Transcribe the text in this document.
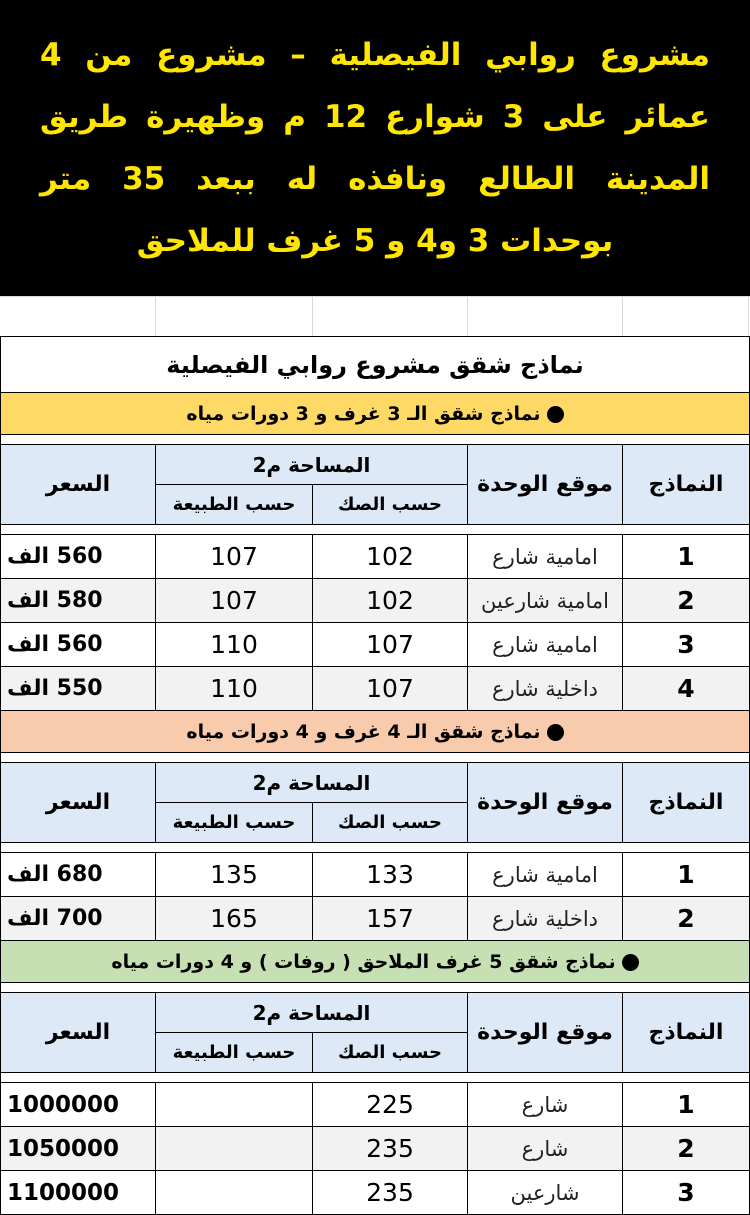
مشروع روابي الفيصلية – مشروع من 4
عمائر على 3 شوارع 12 م وظهيرة طريق
المدينة الطالع ونافذه له ببعد 35 متر
بوحدات 3 و4 و 5 غرف للملاحق
نماذج شقق مشروع روابي الفيصلية				
نماذج شقق الـ 3 غرف و 3 دورات مياه				

السعر	المساحة م2		موقع الوحدة	النماذج
	حسب الطبيعة	حسب الصك		

560 الف	107	102	امامية شارع	1
580 الف	107	102	امامية شارعين	2
560 الف	110	107	امامية شارع	3
550 الف	110	107	داخلية شارع	4
نماذج شقق الـ 4 غرف و 4 دورات مياه				

السعر	المساحة م2		موقع الوحدة	النماذج
	حسب الطبيعة	حسب الصك		

680 الف	135	133	امامية شارع	1
700 الف	165	157	داخلية شارع	2
نماذج شقق 5 غرف الملاحق ( روفات ) و 4 دورات مياه				

السعر	المساحة م2		موقع الوحدة	النماذج
	حسب الطبيعة	حسب الصك		

1000000		225	شارع	1
1050000		235	شارع	2
1100000		235	شارعين	3
